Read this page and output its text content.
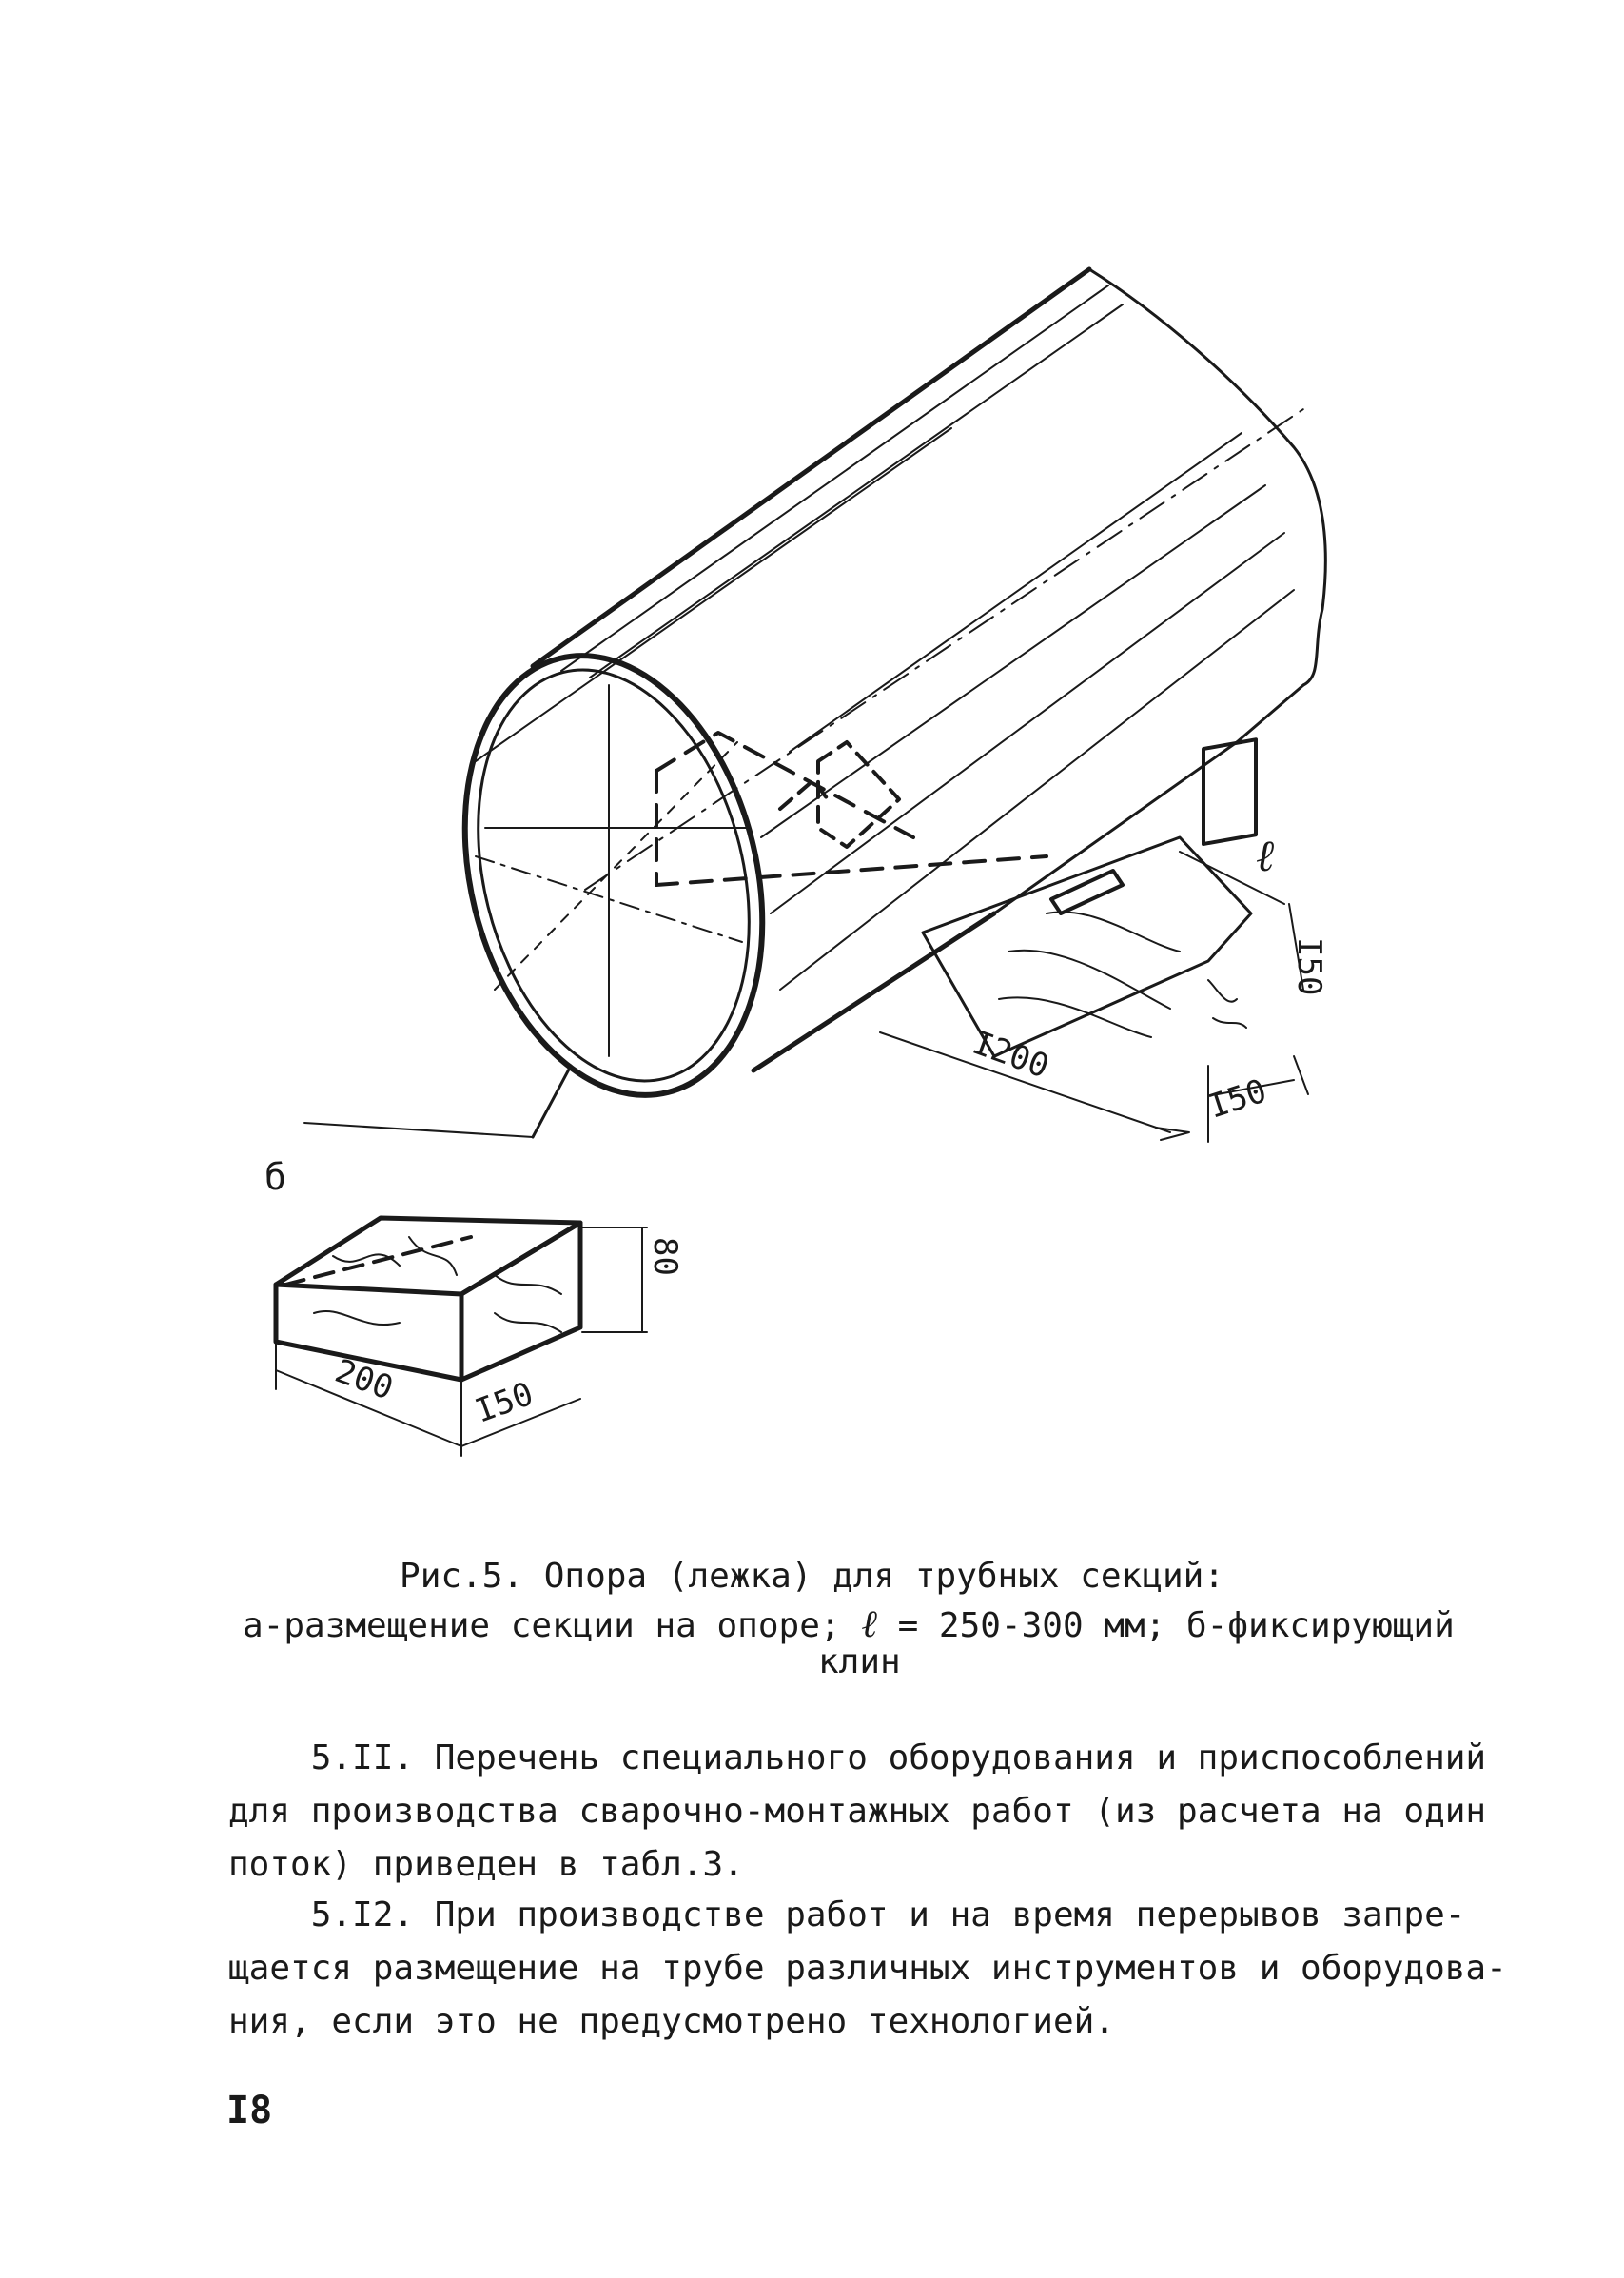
I200
I50
I50
ℓ
б
200 I50
80
Рис.5. Опора (лежка) для трубных секций:
а-размещение секции на опоре; ℓ = 250-300 мм; б-фиксирующий
клин
5.II. Перечень специального оборудования и приспособлений
для производства сварочно-монтажных работ (из расчета на один
поток) приведен в табл.3.
5.I2. При производстве работ и на время перерывов запре-
щается размещение на трубе различных инструментов и оборудова-
ния, если это не предусмотрено технологией.
I8
